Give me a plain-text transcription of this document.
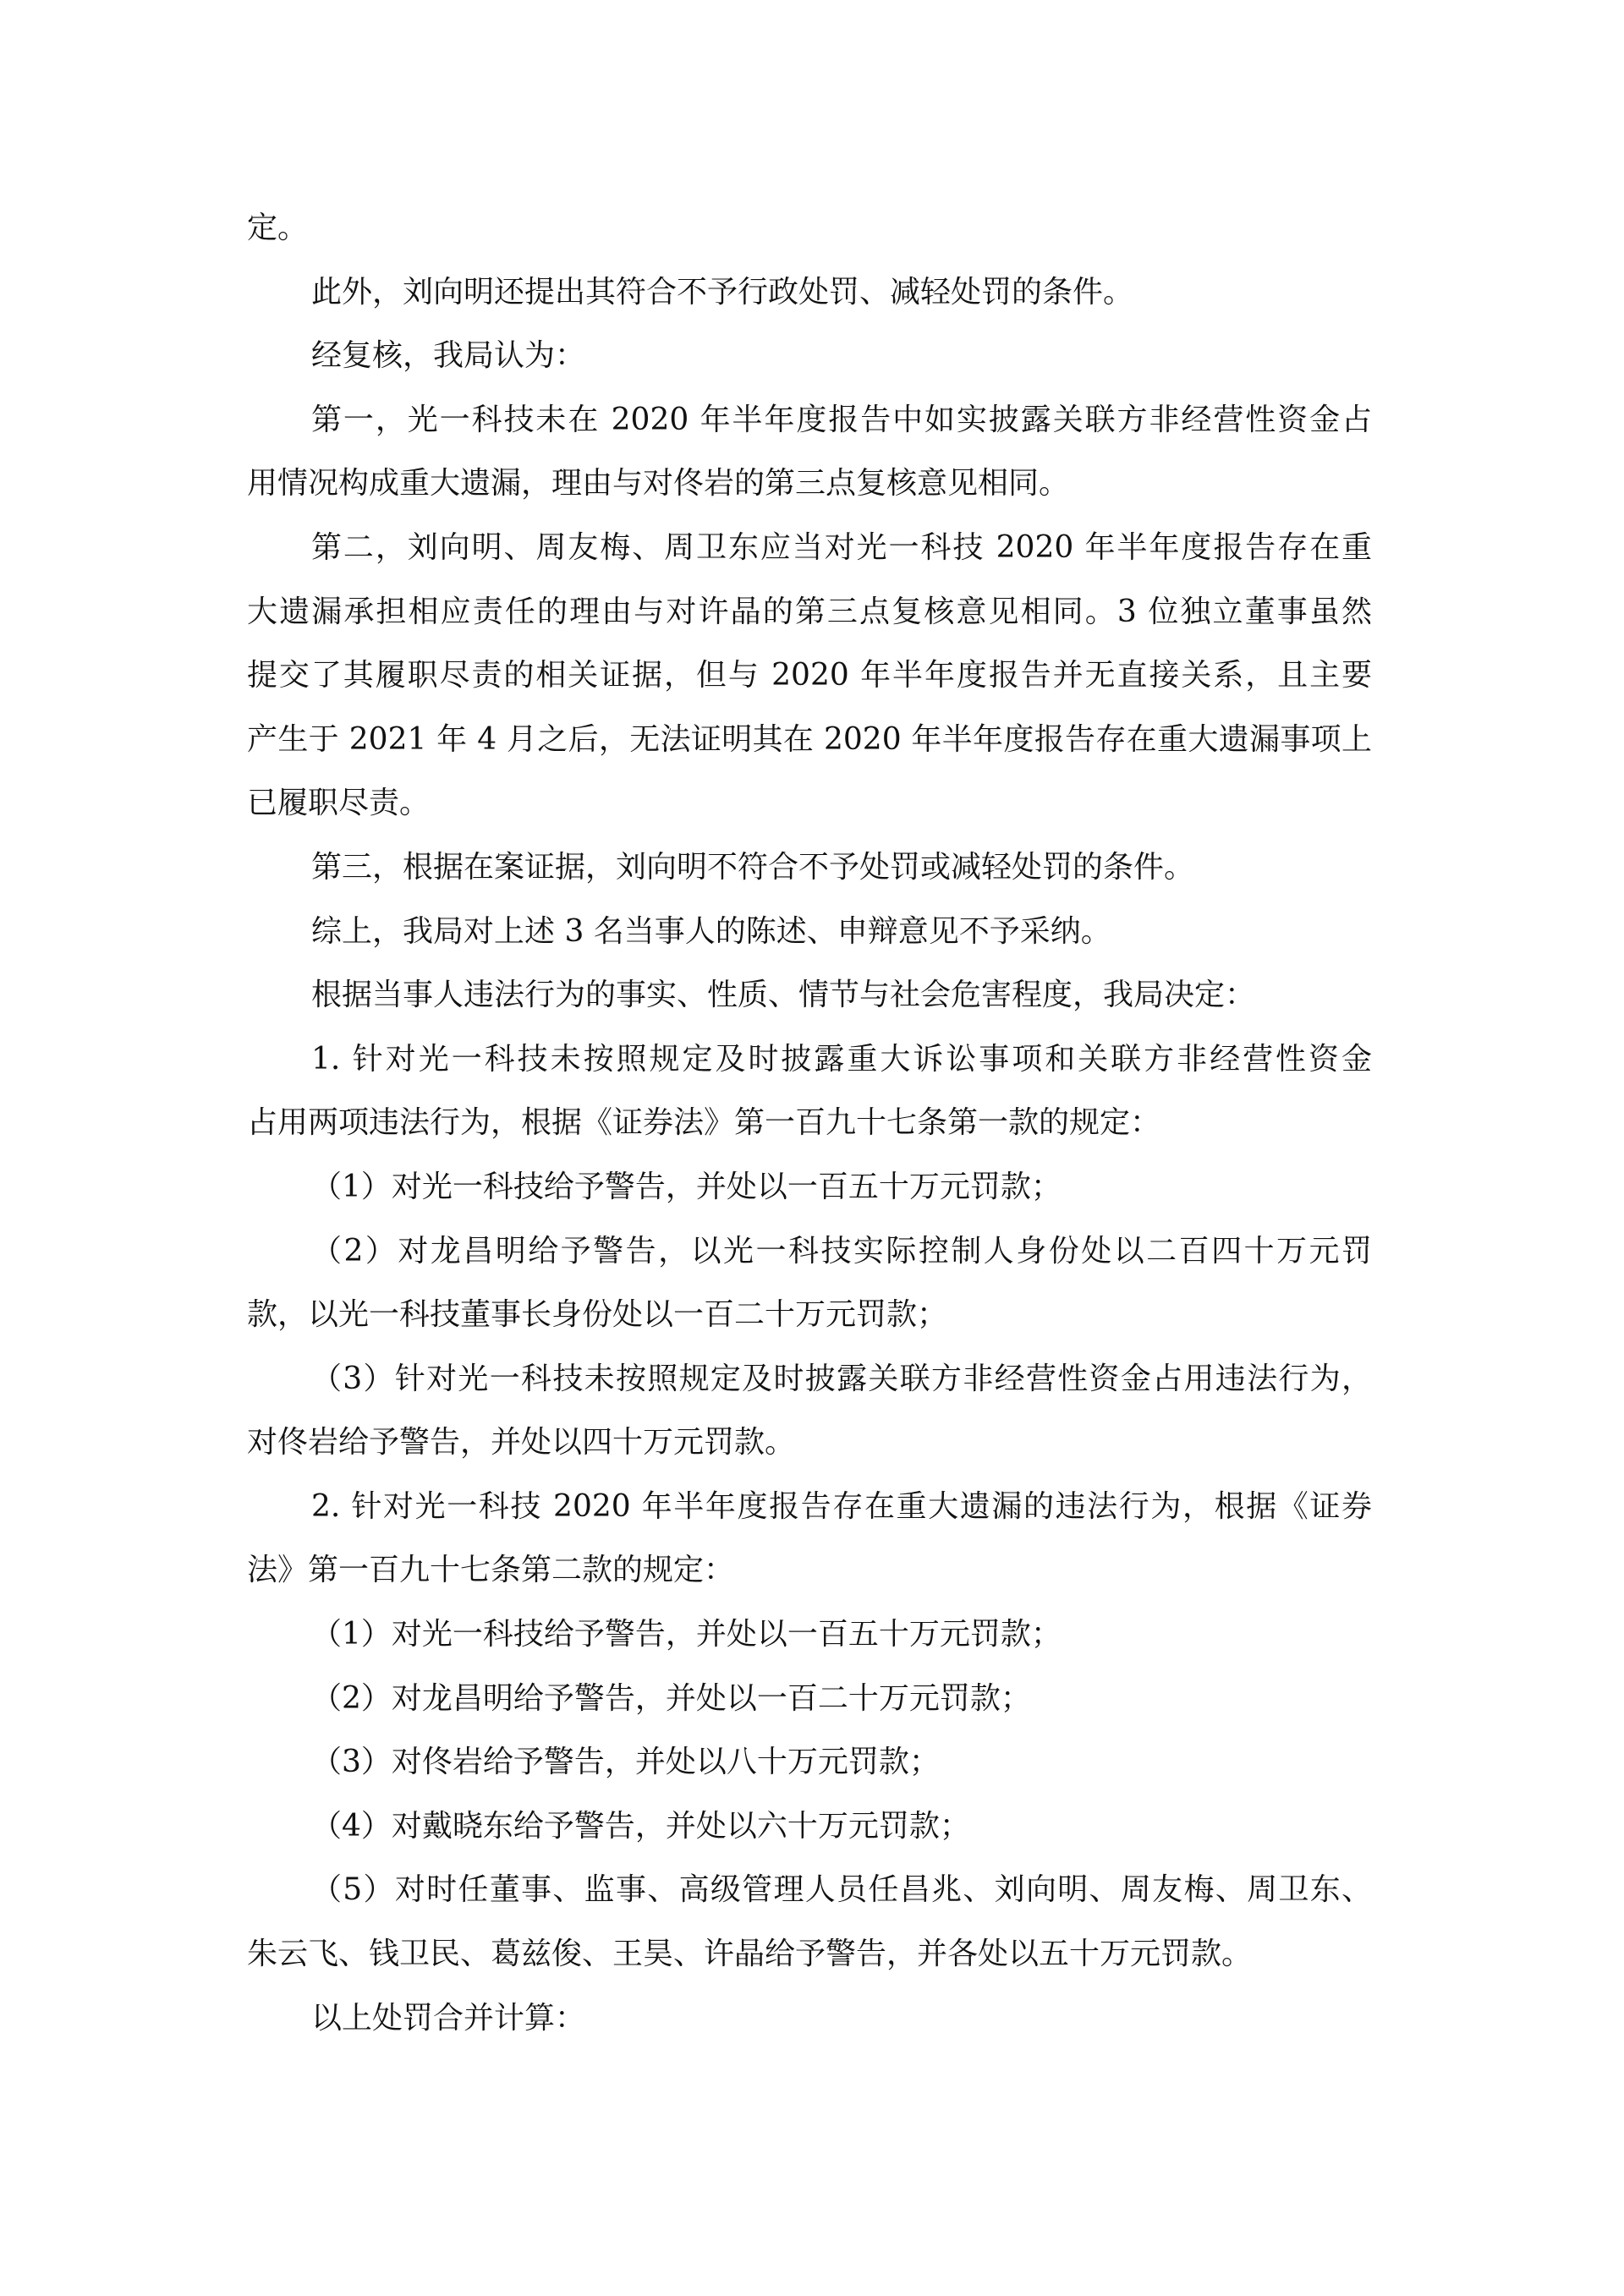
定。
此外，刘向明还提出其符合不予行政处罚、减轻处罚的条件。
经复核，我局认为：
第一，光一科技未在 2020 年半年度报告中如实披露关联方非经营性资金占
用情况构成重大遗漏，理由与对佟岩的第三点复核意见相同。
第二，刘向明、周友梅、周卫东应当对光一科技 2020 年半年度报告存在重
大遗漏承担相应责任的理由与对许晶的第三点复核意见相同。3 位独立董事虽然
提交了其履职尽责的相关证据，但与 2020 年半年度报告并无直接关系，且主要
产生于 2021 年 4 月之后，无法证明其在 2020 年半年度报告存在重大遗漏事项上
已履职尽责。
第三，根据在案证据，刘向明不符合不予处罚或减轻处罚的条件。
综上，我局对上述 3 名当事人的陈述、申辩意见不予采纳。
根据当事人违法行为的事实、性质、情节与社会危害程度，我局决定：
1. 针对光一科技未按照规定及时披露重大诉讼事项和关联方非经营性资金
占用两项违法行为，根据《证券法》第一百九十七条第一款的规定：
（1）对光一科技给予警告，并处以一百五十万元罚款；
（2）对龙昌明给予警告，以光一科技实际控制人身份处以二百四十万元罚
款，以光一科技董事长身份处以一百二十万元罚款；
（3）针对光一科技未按照规定及时披露关联方非经营性资金占用违法行为，
对佟岩给予警告，并处以四十万元罚款。
2. 针对光一科技 2020 年半年度报告存在重大遗漏的违法行为，根据《证券
法》第一百九十七条第二款的规定：
（1）对光一科技给予警告，并处以一百五十万元罚款；
（2）对龙昌明给予警告，并处以一百二十万元罚款；
（3）对佟岩给予警告，并处以八十万元罚款；
（4）对戴晓东给予警告，并处以六十万元罚款；
（5）对时任董事、监事、高级管理人员任昌兆、刘向明、周友梅、周卫东、
朱云飞、钱卫民、葛兹俊、王昊、许晶给予警告，并各处以五十万元罚款。
以上处罚合并计算：
